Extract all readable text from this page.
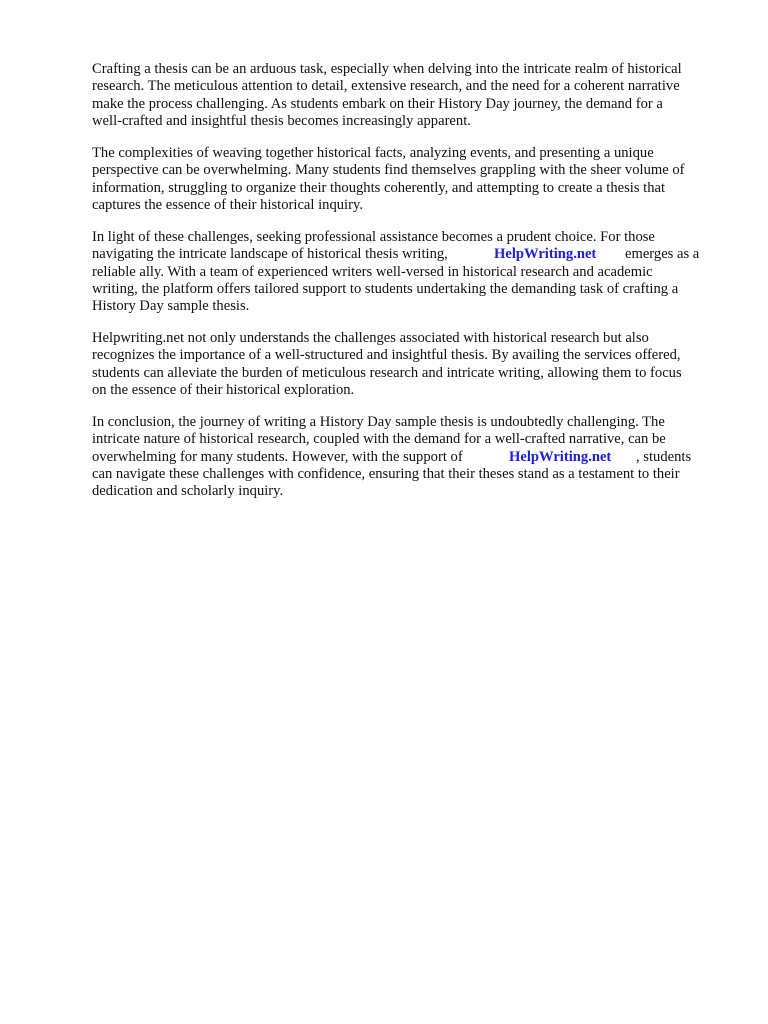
Crafting a thesis can be an arduous task, especially when delving into the intricate realm of historical

research. The meticulous attention to detail, extensive research, and the need for a coherent narrative

make the process challenging. As students embark on their History Day journey, the demand for a

well-crafted and insightful thesis becomes increasingly apparent.

The complexities of weaving together historical facts, analyzing events, and presenting a unique

perspective can be overwhelming. Many students find themselves grappling with the sheer volume of

information, struggling to organize their thoughts coherently, and attempting to create a thesis that

captures the essence of their historical inquiry.

In light of these challenges, seeking professional assistance becomes a prudent choice. For those

navigating the intricate landscape of historical thesis writing,	HelpWriting.net emerges as a

reliable ally. With a team of experienced writers well-versed in historical research and academic

writing, the platform offers tailored support to students undertaking the demanding task of crafting a

History Day sample thesis.

Helpwriting.net not only understands the challenges associated with historical research but also

recognizes the importance of a well-structured and insightful thesis. By availing the services offered,

students can alleviate the burden of meticulous research and intricate writing, allowing them to focus

on the essence of their historical exploration.

In conclusion, the journey of writing a History Day sample thesis is undoubtedly challenging. The

intricate nature of historical research, coupled with the demand for a well-crafted narrative, can be

overwhelming for many students. However, with the support of	HelpWriting.net , students

can navigate these challenges with confidence, ensuring that their theses stand as a testament to their

dedication and scholarly inquiry.
